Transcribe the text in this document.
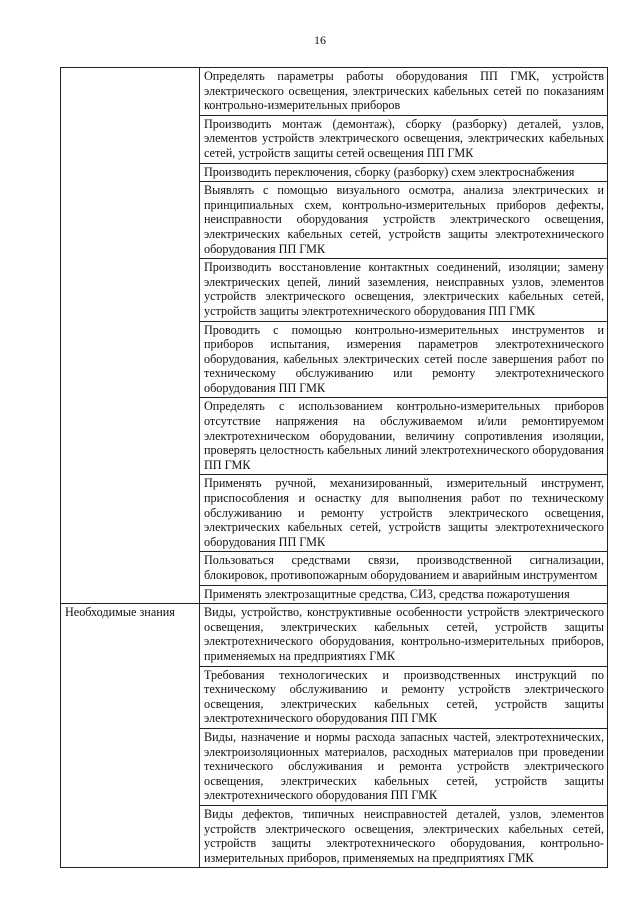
16
	Определять параметры работы оборудования ПП ГМК, устройств электрического освещения, электрических кабельных сетей по показаниям контрольно-измерительных приборов
	Производить монтаж (демонтаж), сборку (разборку) деталей, узлов, элементов устройств электрического освещения, электрических кабельных сетей, устройств защиты сетей освещения ПП ГМК
	Производить переключения, сборку (разборку) схем электроснабжения
	Выявлять с помощью визуального осмотра, анализа электрических и принципиальных схем, контрольно-измерительных приборов дефекты, неисправности оборудования устройств электрического освещения, электрических кабельных сетей, устройств защиты электротехнического оборудования ПП ГМК
	Производить восстановление контактных соединений, изоляции; замену электрических цепей, линий заземления, неисправных узлов, элементов устройств электрического освещения, электрических кабельных сетей, устройств защиты электротехнического оборудования ПП ГМК
	Проводить с помощью контрольно-измерительных инструментов и приборов испытания, измерения параметров электротехнического оборудования, кабельных электрических сетей после завершения работ по техническому обслуживанию или ремонту электротехнического оборудования ПП ГМК
	Определять с использованием контрольно-измерительных приборов отсутствие напряжения на обслуживаемом и/или ремонтируемом электротехническом оборудовании, величину сопротивления изоляции, проверять целостность кабельных линий электротехнического оборудования ПП ГМК
	Применять ручной, механизированный, измерительный инструмент, приспособления и оснастку для выполнения работ по техническому обслуживанию и ремонту устройств электрического освещения, электрических кабельных сетей, устройств защиты электротехнического оборудования ПП ГМК
	Пользоваться средствами связи, производственной сигнализации, блокировок, противопожарным оборудованием и аварийным инструментом
	Применять электрозащитные средства, СИЗ, средства пожаротушения
Необходимые знания	Виды, устройство, конструктивные особенности устройств электрического освещения, электрических кабельных сетей, устройств защиты электротехнического оборудования, контрольно-измерительных приборов, применяемых на предприятиях ГМК
	Требования технологических и производственных инструкций по техническому обслуживанию и ремонту устройств электрического освещения, электрических кабельных сетей, устройств защиты электротехнического оборудования ПП ГМК
	Виды, назначение и нормы расхода запасных частей, электротехнических, электроизоляционных материалов, расходных материалов при проведении технического обслуживания и ремонта устройств электрического освещения, электрических кабельных сетей, устройств защиты электротехнического оборудования ПП ГМК
	Виды дефектов, типичных неисправностей деталей, узлов, элементов устройств электрического освещения, электрических кабельных сетей, устройств защиты электротехнического оборудования, контрольно-измерительных приборов, применяемых на предприятиях ГМК
